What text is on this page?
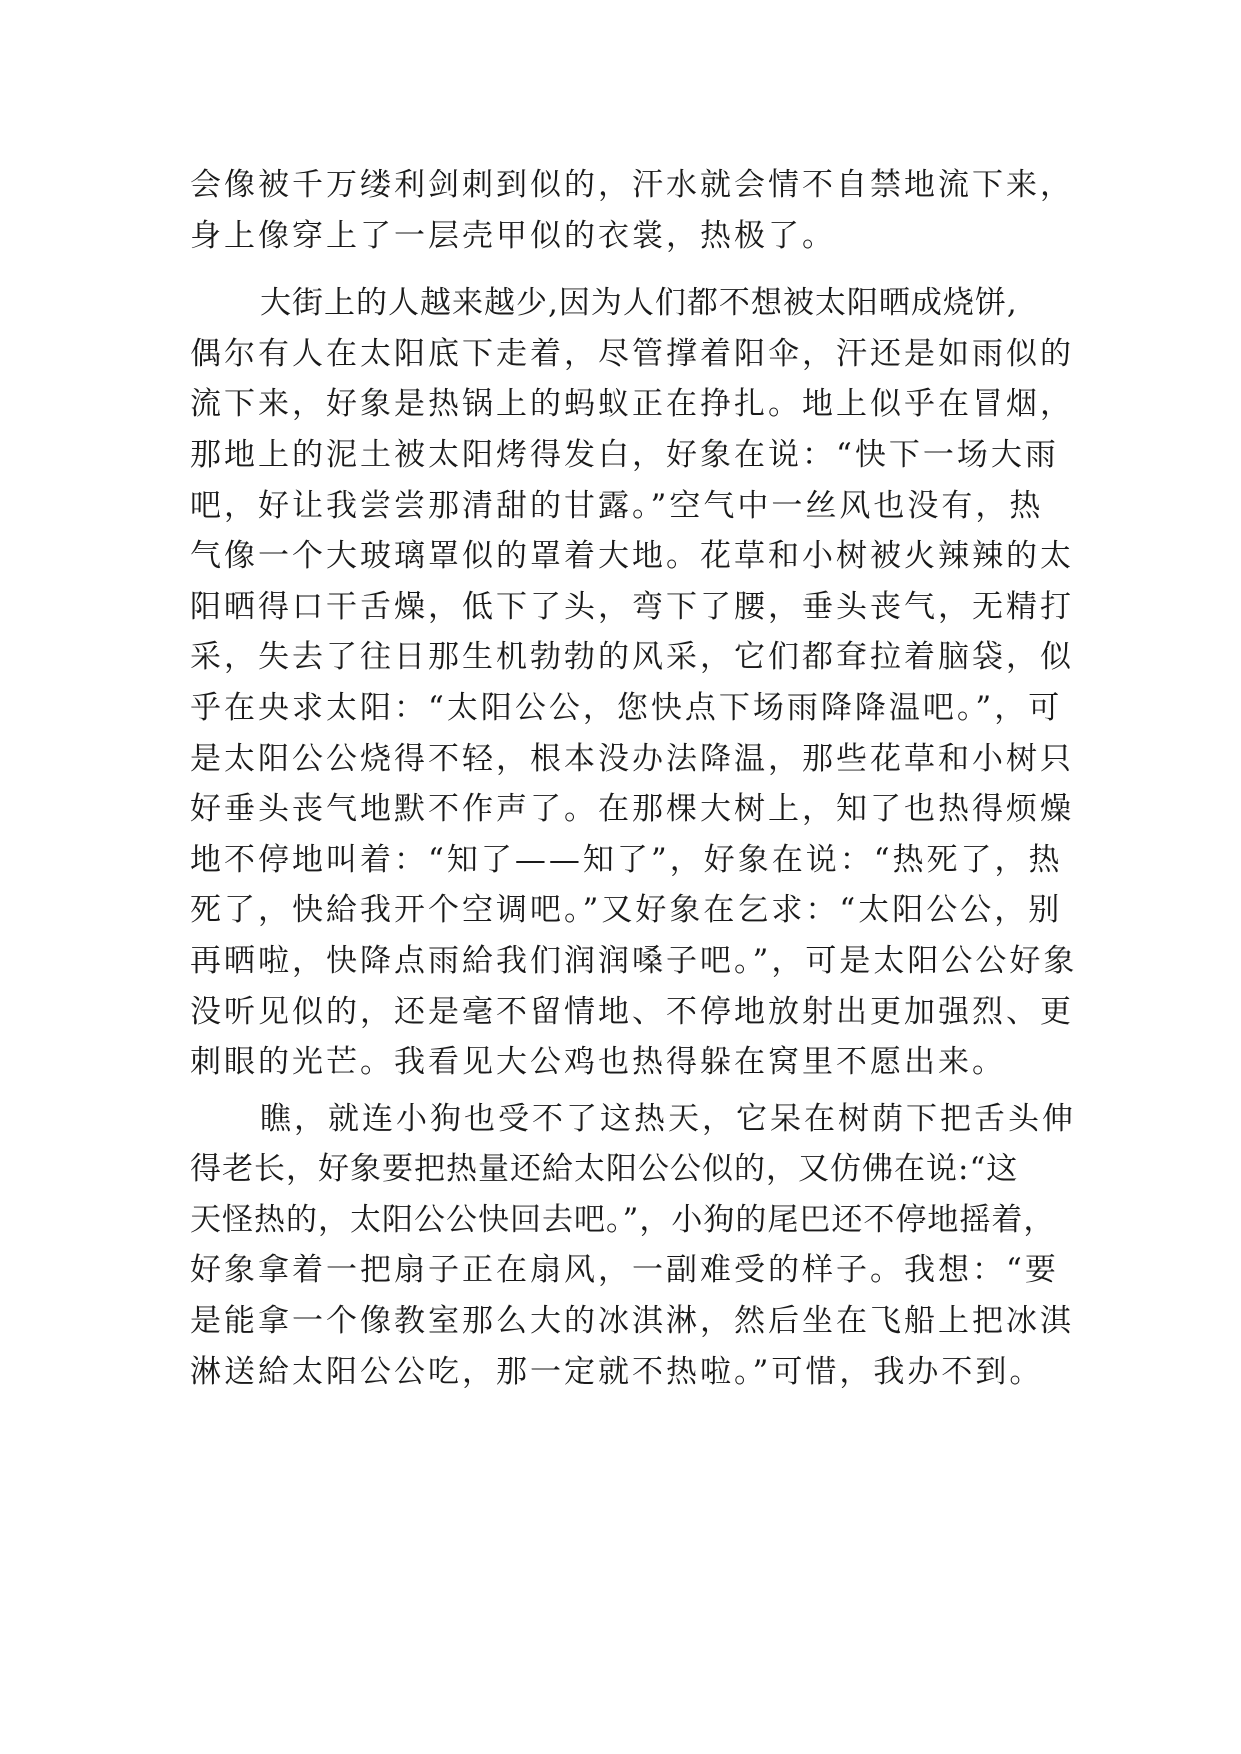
会像被千万缕利剑刺到似的，汗水就会情不自禁地流下来，
身上像穿上了一层壳甲似的衣裳，热极了。
大街上的人越来越少,因为人们都不想被太阳晒成烧饼,
偶尔有人在太阳底下走着，尽管撑着阳伞，汗还是如雨似的
流下来，好象是热锅上的蚂蚁正在挣扎。地上似乎在冒烟，
那地上的泥土被太阳烤得发白，好象在说：“快下一场大雨
吧，好让我尝尝那清甜的甘露。”空气中一丝风也没有，热
气像一个大玻璃罩似的罩着大地。花草和小树被火辣辣的太
阳晒得口干舌燥，低下了头，弯下了腰，垂头丧气，无精打
采，失去了往日那生机勃勃的风采，它们都耷拉着脑袋，似
乎在央求太阳：“太阳公公，您快点下场雨降降温吧。”，可
是太阳公公烧得不轻，根本没办法降温，那些花草和小树只
好垂头丧气地默不作声了。在那棵大树上，知了也热得烦燥
地不停地叫着：“知了——知了”，好象在说：“热死了，热
死了，快給我开个空调吧。”又好象在乞求：“太阳公公，别
再晒啦，快降点雨給我们润润嗓子吧。”，可是太阳公公好象
没听见似的，还是毫不留情地、不停地放射出更加强烈、更
刺眼的光芒。我看见大公鸡也热得躲在窝里不愿出来。
瞧，就连小狗也受不了这热天，它呆在树荫下把舌头伸
得老长，好象要把热量还給太阳公公似的，又仿佛在说:“这
天怪热的，太阳公公快回去吧。”，小狗的尾巴还不停地摇着，
好象拿着一把扇子正在扇风，一副难受的样子。我想：“要
是能拿一个像教室那么大的冰淇淋，然后坐在飞船上把冰淇
淋送給太阳公公吃，那一定就不热啦。”可惜，我办不到。
